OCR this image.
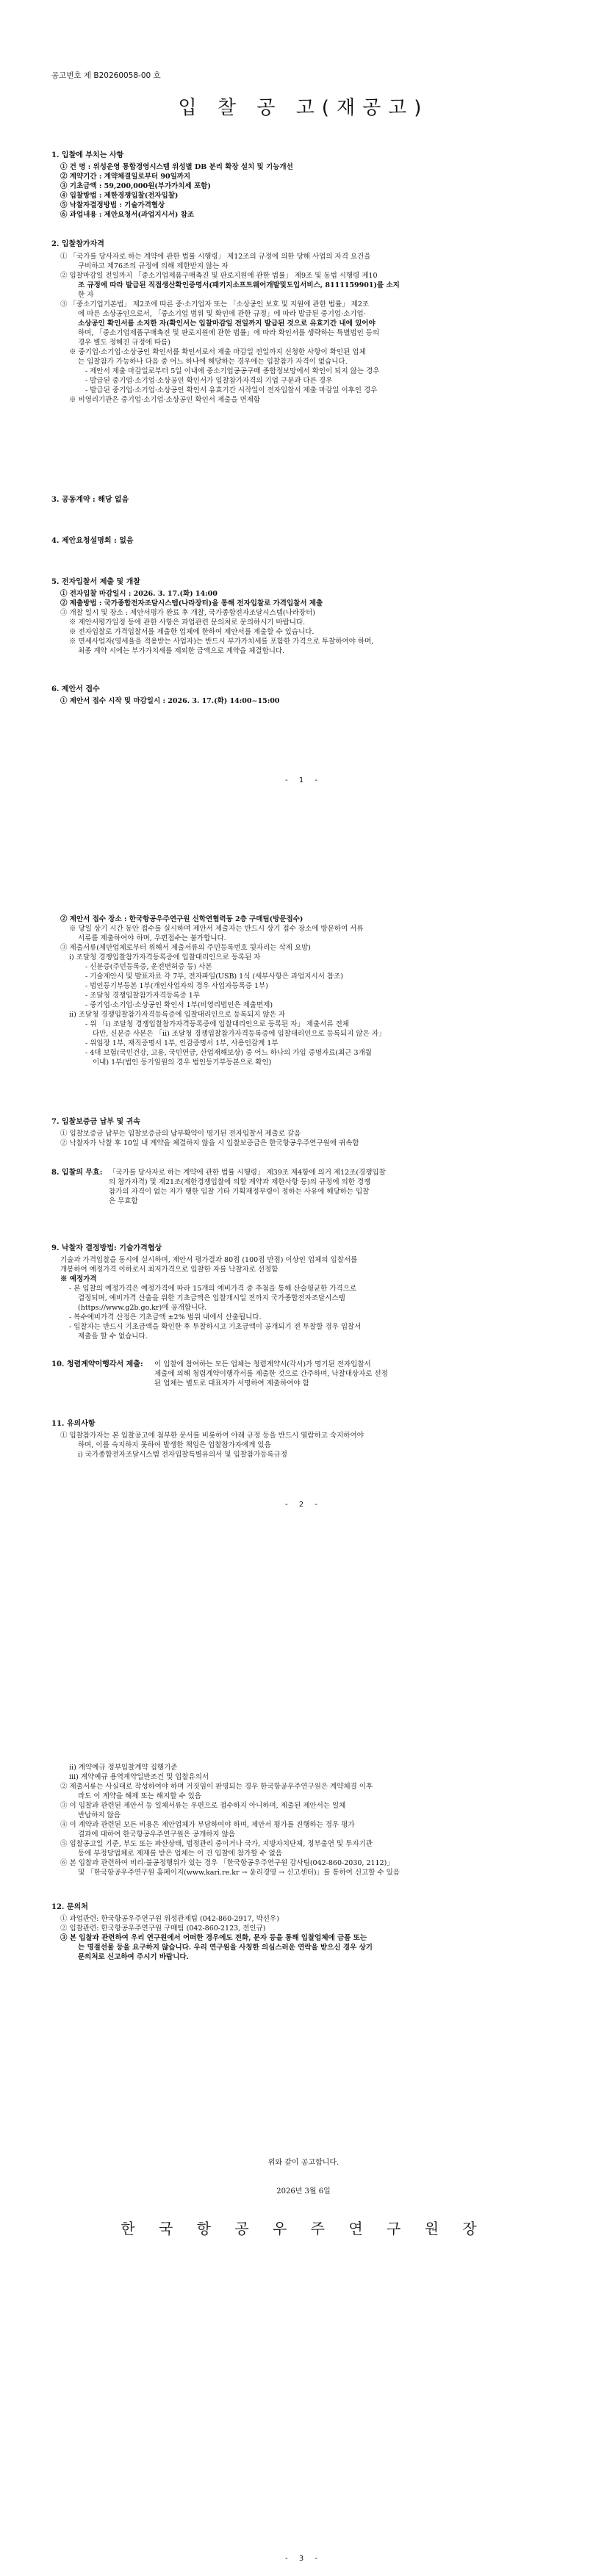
공고번호 제 B20260058-00 호
입 찰 공 고(재공고)

1. 입찰에 부치는 사항

① 건 명 : 위성운영 통합경영시스템 위성별 DB 분리 확장 설치 및 기능개선

② 계약기간 : 계약체결일로부터 90일까지

③ 기초금액 : 59,200,000원(부가가치세 포함)

④ 입찰방법 : 제한경쟁입찰(전자입찰)

⑤ 낙찰자결정방법 : 기술가격협상

⑥ 과업내용 : 제안요청서(과업지시서) 참조

2. 입찰참가자격

① 「국가를 당사자로 하는 계약에 관한 법률 시행령」 제12조의 규정에 의한 당해 사업의 자격 요건을

구비하고 제76조의 규정에 의해 제한받지 않는 자

② 입찰마감일 전일까지 「중소기업제품구매촉진 및 판로지원에 관한 법률」 제9조 및 동법 시행령 제10

조 규정에 따라 발급된 직접생산확인증명서(패키지소프트웨어개발및도입서비스, 8111159901)를 소지

한 자

③ 「중소기업기본법」 제2조에 따른 중·소기업자 또는 「소상공인 보호 및 지원에 관한 법률」 제2조

에 따른 소상공인으로서, 「중소기업 범위 및 확인에 관한 규정」에 따라 발급된 중기업·소기업·

소상공인 확인서를 소지한 자(확인서는 입찰마감일 전일까지 발급된 것으로 유효기간 내에 있어야

하며, 「중소기업제품구매촉진 및 판로지원에 관한 법률」에 따라 확인서를 생략하는 특별법인 등의

경우 별도 정해진 규정에 따름)

※ 중기업·소기업·소상공인 확인서를 확인서로서 제출 마감일 전일까지 신청한 사항이 확인된 업체

는 입찰참가 가능하나 다음 중 어느 하나에 해당하는 경우에는 입찰참가 자격이 없습니다.

- 제안서 제출 마감일로부터 5일 이내에 중소기업공공구매 종합정보망에서 확인이 되지 않는 경우

- 발급된 중기업·소기업·소상공인 확인서가 입찰참가자격의 기업 구분과 다른 경우

- 발급된 중기업·소기업·소상공인 확인서 유효기간 시작일이 전자입찰서 제출 마감일 이후인 경우

※ 비영리기관은 중기업·소기업·소상공인 확인서 제출을 면제함

3. 공동계약 : 해당 없음

4. 제안요청설명회 : 없음

5. 전자입찰서 제출 및 개찰

① 전자입찰 마감일시 : 2026. 3. 17.(화) 14:00

② 제출방법 : 국가종합전자조달시스템(나라장터)을 통해 전자입찰로 가격입찰서 제출

③ 개찰 일시 및 장소 : 제안서평가 완료 후 개찰, 국가종합전자조달시스템(나라장터)

※ 제안서평가일정 등에 관한 사항은 과업관련 문의처로 문의하시기 바랍니다.

※ 전자입찰로 가격입찰서를 제출한 업체에 한하여 제안서를 제출할 수 있습니다.

※ 면세사업자(영세율을 적용받는 사업자)는 반드시 부가가치세를 포함한 가격으로 투찰하여야 하며,

최종 계약 시에는 부가가치세를 제외한 금액으로 계약을 체결합니다.

6. 제안서 접수

① 제안서 접수 시작 및 마감일시 : 2026. 3. 17.(화) 14:00~15:00

- 1 -

② 제안서 접수 장소 : 한국항공우주연구원 신학연협력동 2층 구매팀(방문접수)

※ 당일 상기 시간 동안 접수를 실시하며 제안서 제출자는 반드시 상기 접수 장소에 방문하여 서류

서류를 제출하여야 하며, 우편접수는 불가합니다.

③ 제출서류(제안업체로부터 위해서 제출서류의 주민등록번호 뒷자리는 삭제 요망)

ⅰ) 조달청 경쟁입찰참가자격등록증에 입찰대리인으로 등록된 자

- 신분증(주민등록증, 운전면허증 등) 사본

- 기술제안서 및 발표자료 각 7부, 전자파일(USB) 1식 (세부사항은 과업지시서 참조)

- 법인등기부등본 1부(개인사업자의 경우 사업자등록증 1부)

- 조달청 경쟁입찰참가자격등록증 1부

- 중기업·소기업·소상공인 확인서 1부(비영리법인은 제출면제)

ⅱ) 조달청 경쟁입찰참가자격등록증에 입찰대리인으로 등록되지 않은 자

- 위 「ⅰ) 조달청 경쟁입찰참가자격등록증에 입찰대리인으로 등록된 자」 제출서류 전체

다만, 신분증 사본은 「ⅱ) 조달청 경쟁입찰참가자격등록증에 입찰대리인으로 등록되지 않은 자」

- 위임장 1부, 재직증명서 1부, 인감증명서 1부, 사용인감계 1부

- 4대 보험(국민건강, 고용, 국민연금, 산업재해보상) 중 어느 하나의 가입 증명자료(최근 3개월

이내) 1부(법인 등기임원의 경우 법인등기부등본으로 확인)

7. 입찰보증금 납부 및 귀속

① 입찰보증금 납부는 입찰보증금의 납부확약이 명기된 전자입찰서 제출로 갈음

② 낙찰자가 낙찰 후 10일 내 계약을 체결하지 않을 시 입찰보증금은 한국항공우주연구원에 귀속함

8. 입찰의 무효: 「국가를 당사자로 하는 계약에 관한 법률 시행령」 제39조 제4항에 의거 제12조(경쟁입찰

의 참가자격) 및 제21조(제한경쟁입찰에 의할 계약과 제한사항 등)의 규정에 의한 경쟁

참가의 자격이 없는 자가 행한 입찰 기타 기획재정부령이 정하는 사유에 해당하는 입찰

은 무효함

9. 낙찰자 결정방법: 기술가격협상

기술과 가격입찰을 동시에 실시하며, 제안서 평가결과 80점 (100점 만점) 이상인 업체의 입찰서를

개봉하여 예정가격 이하로서 최저가격으로 입찰한 자를 낙찰자로 선정함

※ 예정가격

- 본 입찰의 예정가격은 예정가격에 따라 15개의 예비가격 중 추첨을 통해 산술평균한 가격으로

결정되며, 예비가격 산출을 위한 기초금액은 입찰개시일 전까지 국가종합전자조달시스템

(https://www.g2b.go.kr)에 공개합니다.

- 복수예비가격 산정은 기초금액 ±2% 범위 내에서 산출됩니다.

- 입찰자는 반드시 기초금액을 확인한 후 투찰하시고 기초금액이 공개되기 전 투찰할 경우 입찰서

제출을 할 수 없습니다.

10. 청렴계약이행각서 제출:	이 입찰에 참여하는 모든 업체는 청렴계약서(각서)가 명기된 전자입찰서

제출에 의해 청렴계약이행각서를 제출한 것으로 간주하며, 낙찰대상자로 선정

된 업체는 별도로 대표자가 서명하여 제출하여야 함

11. 유의사항

① 입찰참가자는 본 입찰공고에 첨부한 문서를 비롯하여 아래 규정 등을 반드시 열람하고 숙지하여야

하며, 이를 숙지하지 못하여 발생한 책임은 입찰참가자에게 있음

ⅰ) 국가종합전자조달시스템 전자입찰특별유의서 및 입찰참가등록규정

- 2 -

ⅱ) 계약예규 정부입찰계약 집행기준

ⅲ) 계약예규 용역계약일반조건 및 입찰유의서

② 제출서류는 사실대로 작성하여야 하며 거짓임이 판명되는 경우 한국항공우주연구원은 계약체결 이후

라도 이 계약을 해제 또는 해지할 수 있음

③ 이 입찰과 관련된 제안서 등 일체서류는 우편으로 접수하지 아니하며, 제출된 제안서는 일체

반납하지 않음

④ 이 계약과 관련된 모든 비용은 제안업체가 부담하여야 하며, 제안서 평가를 진행하는 경우 평가

결과에 대하여 한국항공우주연구원은 공개하지 않음

⑤ 입찰공고일 기준, 부도 또는 파산상태, 법정관리 중이거나 국가, 지방자치단체, 정부출연 및 투자기관

등에 부정당업체로 제재를 받은 업체는 이 건 입찰에 참가할 수 없음

⑥ 본 입찰과 관련하여 비리·불공정행위가 있는 경우 「한국항공우주연구원 감사팀(042-860-2030, 2112)」

및 「한국항공우주연구원 홈페이지(www.kari.re.kr → 윤리경영 → 신고센터)」를 통하여 신고할 수 있음

12. 문의처

① 과업관련: 한국항공우주연구원 위성관제팀 (042-860-2917, 박선우)

② 입찰관련: 한국항공우주연구원 구매팀 (042-860-2123, 전인규)

③ 본 입찰과 관련하여 우리 연구원에서 어떠한 경우에도 전화, 문자 등을 통해 입찰업체에 금품 또는

는 명절선물 등을 요구하지 않습니다. 우리 연구원을 사칭한 의심스러운 연락을 받으신 경우 상기

문의처로 신고하여 주시기 바랍니다.

위와 같이 공고합니다.
2026년 3월 6일
한 국 항 공 우 주 연 구 원 장
- 3 -
